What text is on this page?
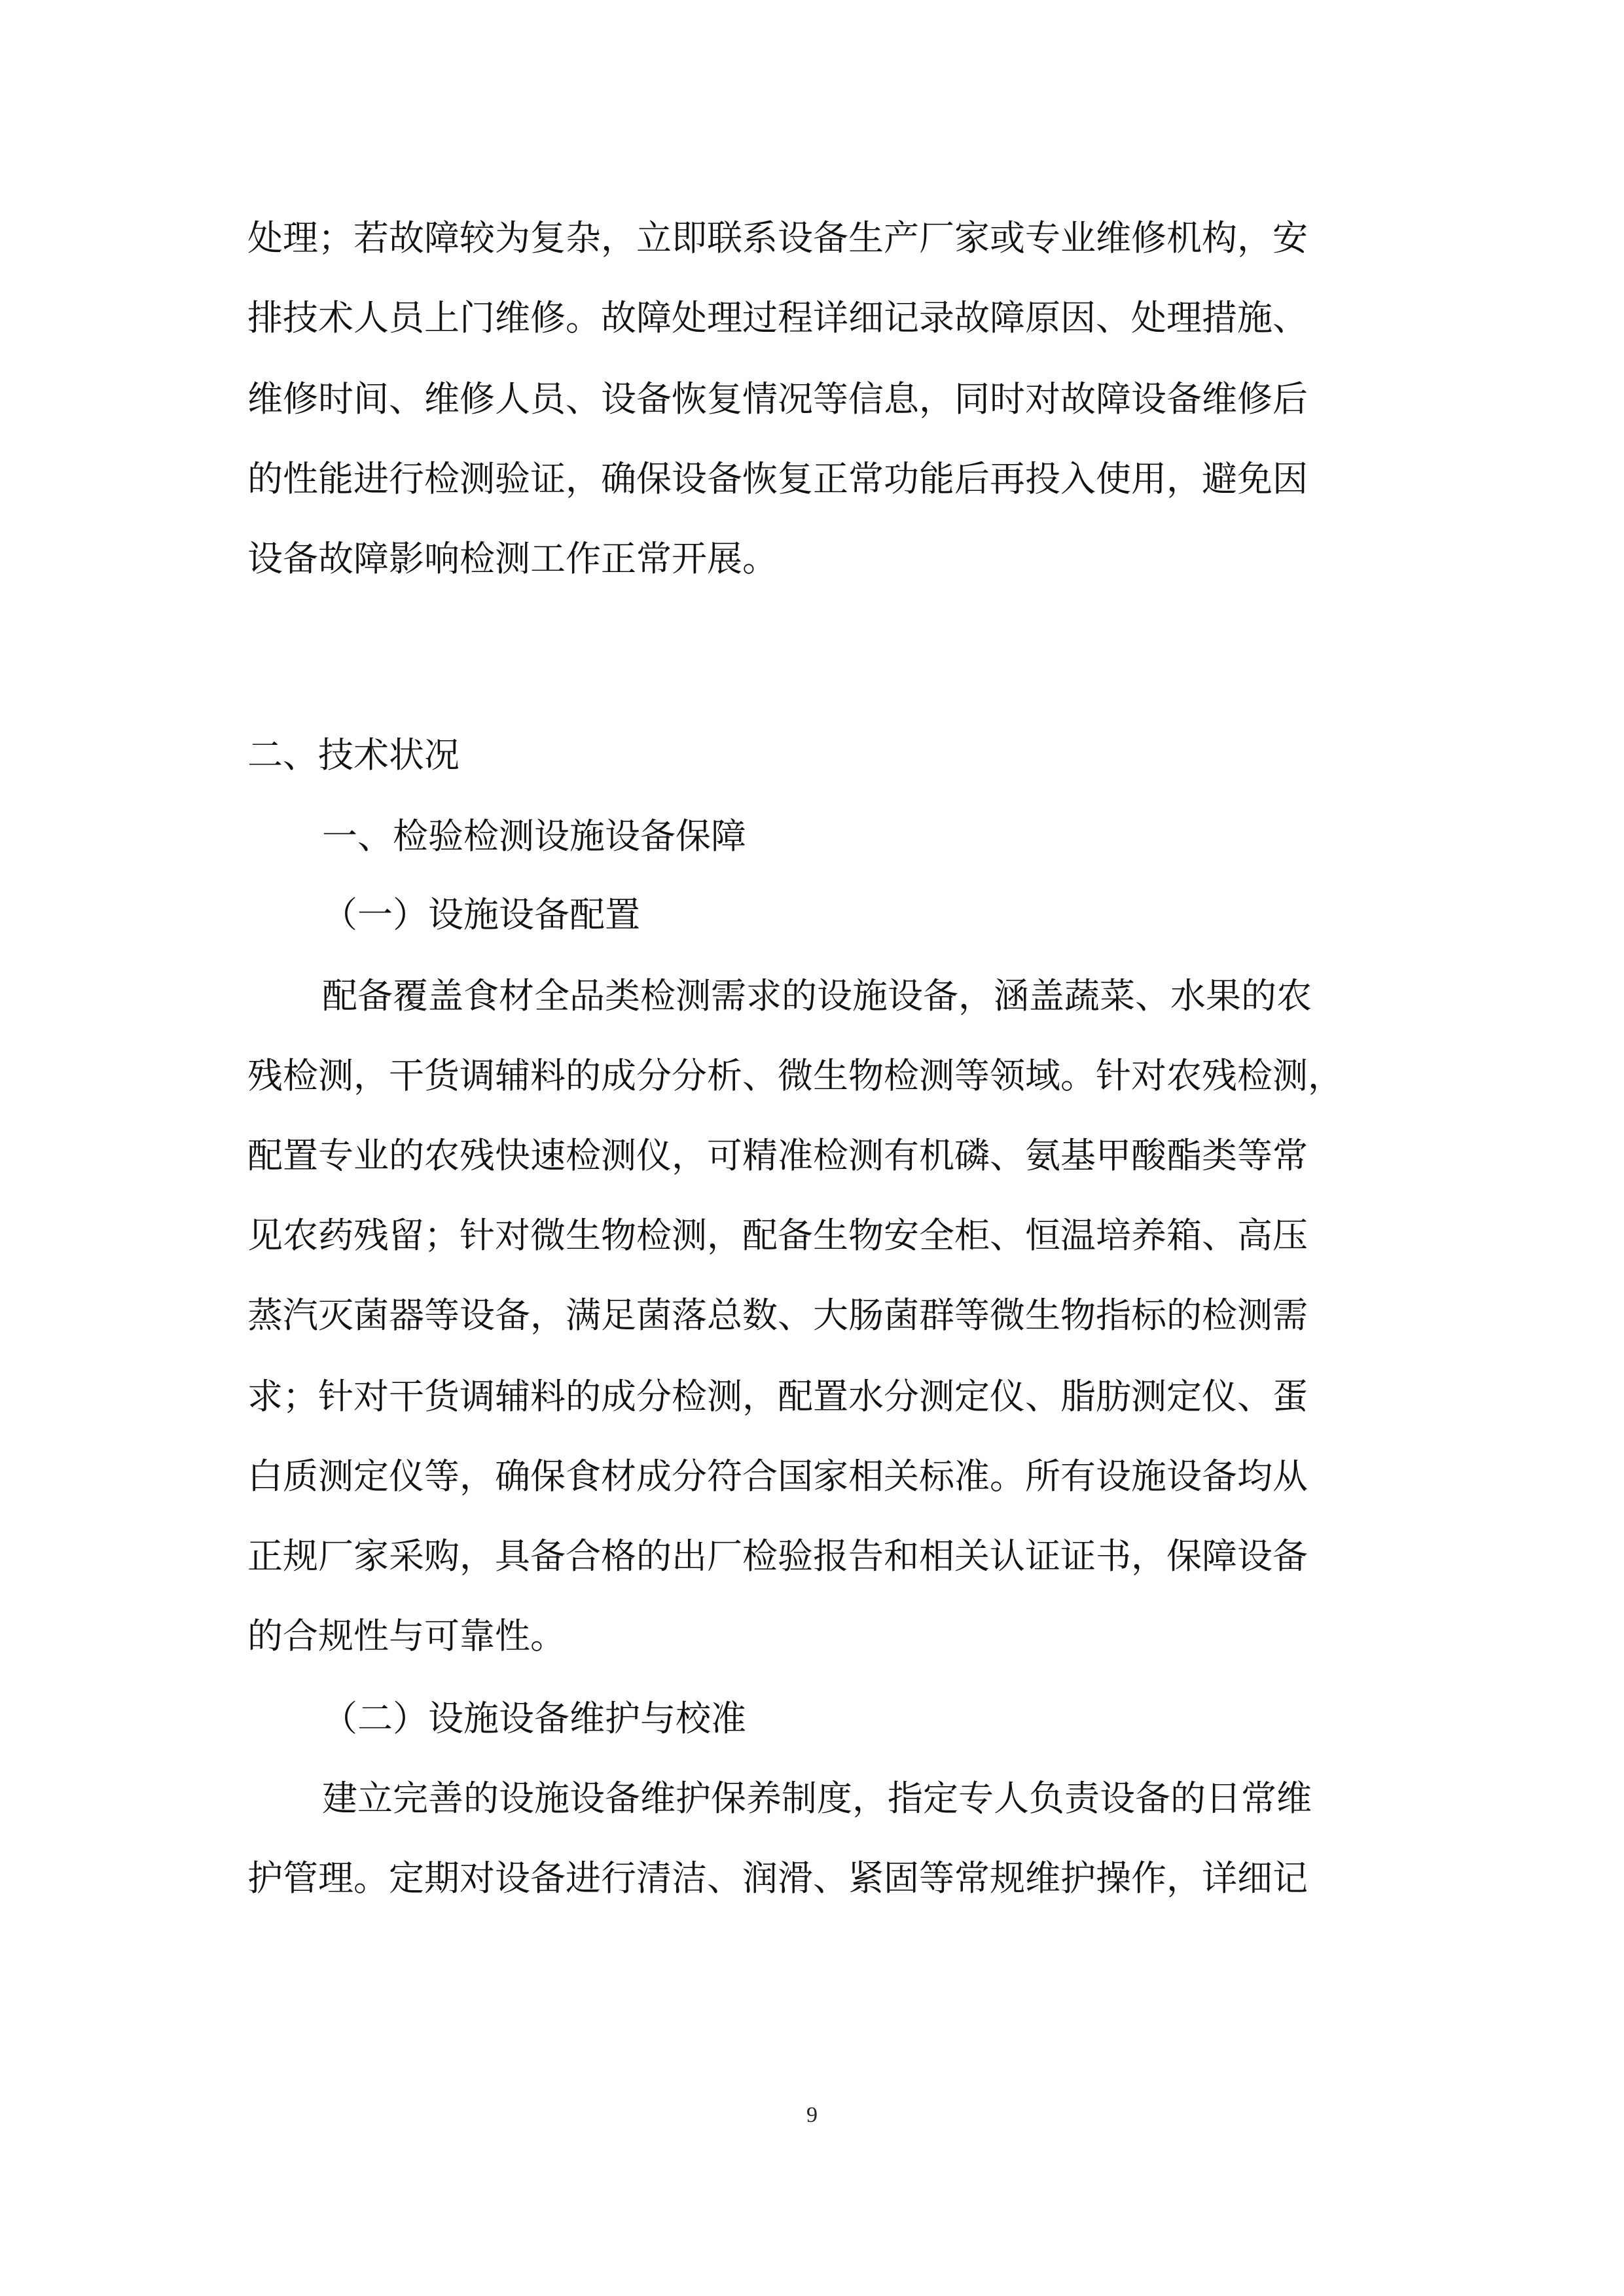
处理；若故障较为复杂，立即联系设备生产厂家或专业维修机构，安
排技术人员上门维修。故障处理过程详细记录故障原因、处理措施、
维修时间、维修人员、设备恢复情况等信息，同时对故障设备维修后
的性能进行检测验证，确保设备恢复正常功能后再投入使用，避免因
设备故障影响检测工作正常开展。
二、技术状况
一、检验检测设施设备保障
（一）设施设备配置
配备覆盖食材全品类检测需求的设施设备，涵盖蔬菜、水果的农
残检测，干货调辅料的成分分析、微生物检测等领域。针对农残检测，
配置专业的农残快速检测仪，可精准检测有机磷、氨基甲酸酯类等常
见农药残留；针对微生物检测，配备生物安全柜、恒温培养箱、高压
蒸汽灭菌器等设备，满足菌落总数、大肠菌群等微生物指标的检测需
求；针对干货调辅料的成分检测，配置水分测定仪、脂肪测定仪、蛋
白质测定仪等，确保食材成分符合国家相关标准。所有设施设备均从
正规厂家采购，具备合格的出厂检验报告和相关认证证书，保障设备
的合规性与可靠性。
（二）设施设备维护与校准
建立完善的设施设备维护保养制度，指定专人负责设备的日常维
护管理。定期对设备进行清洁、润滑、紧固等常规维护操作，详细记
9
